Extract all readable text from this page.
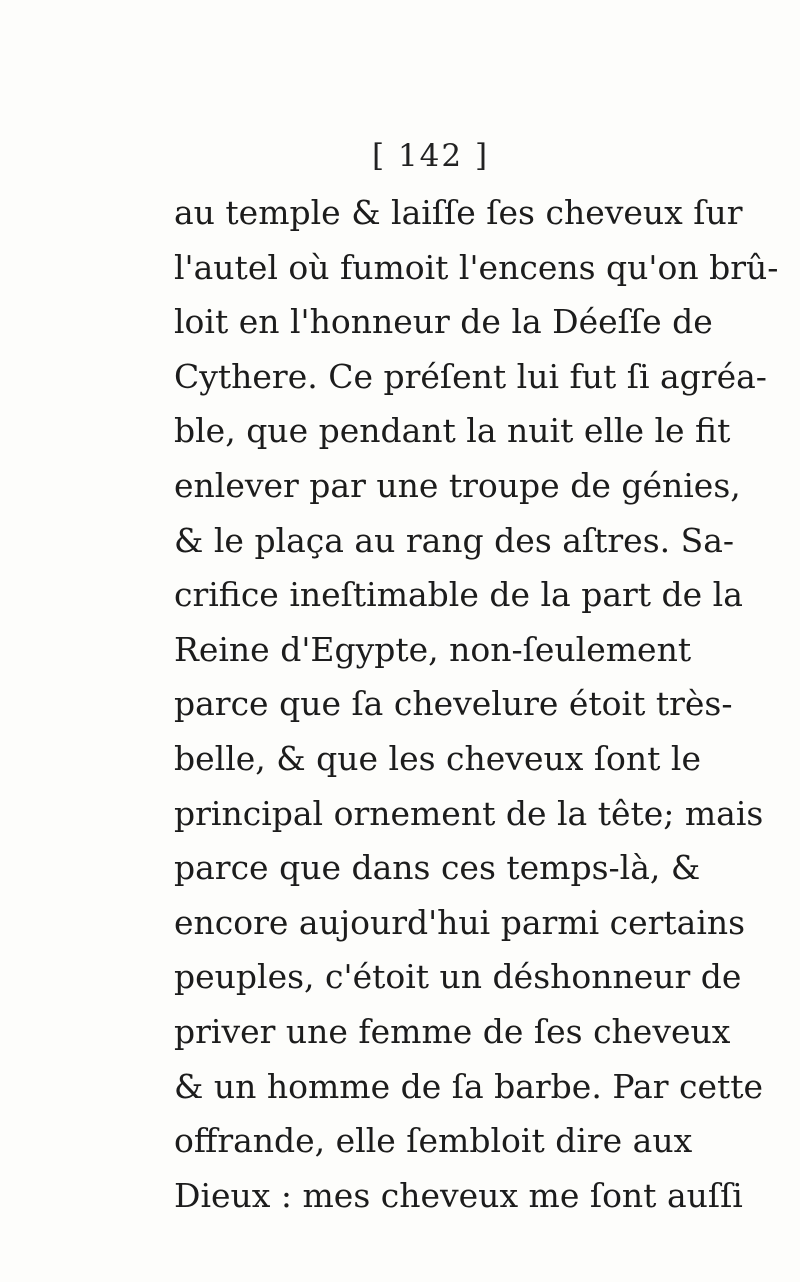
[ 142 ]
au temple & laiſſe ſes cheveux ſur
l'autel où fumoit l'encens qu'on brû-
loit en l'honneur de la Déeſſe de
Cythere. Ce préſent lui fut ſi agréa-
ble, que pendant la nuit elle le fit
enlever par une troupe de génies,
& le plaça au rang des aſtres. Sa-
crifice ineſtimable de la part de la
Reine d'Egypte, non-ſeulement
parce que ſa chevelure étoit très-
belle, & que les cheveux ſont le
principal ornement de la tête; mais
parce que dans ces temps-là, &
encore aujourd'hui parmi certains
peuples, c'étoit un déshonneur de
priver une femme de ſes cheveux
& un homme de ſa barbe. Par cette
offrande, elle ſembloit dire aux
Dieux : mes cheveux me ſont auſſi
